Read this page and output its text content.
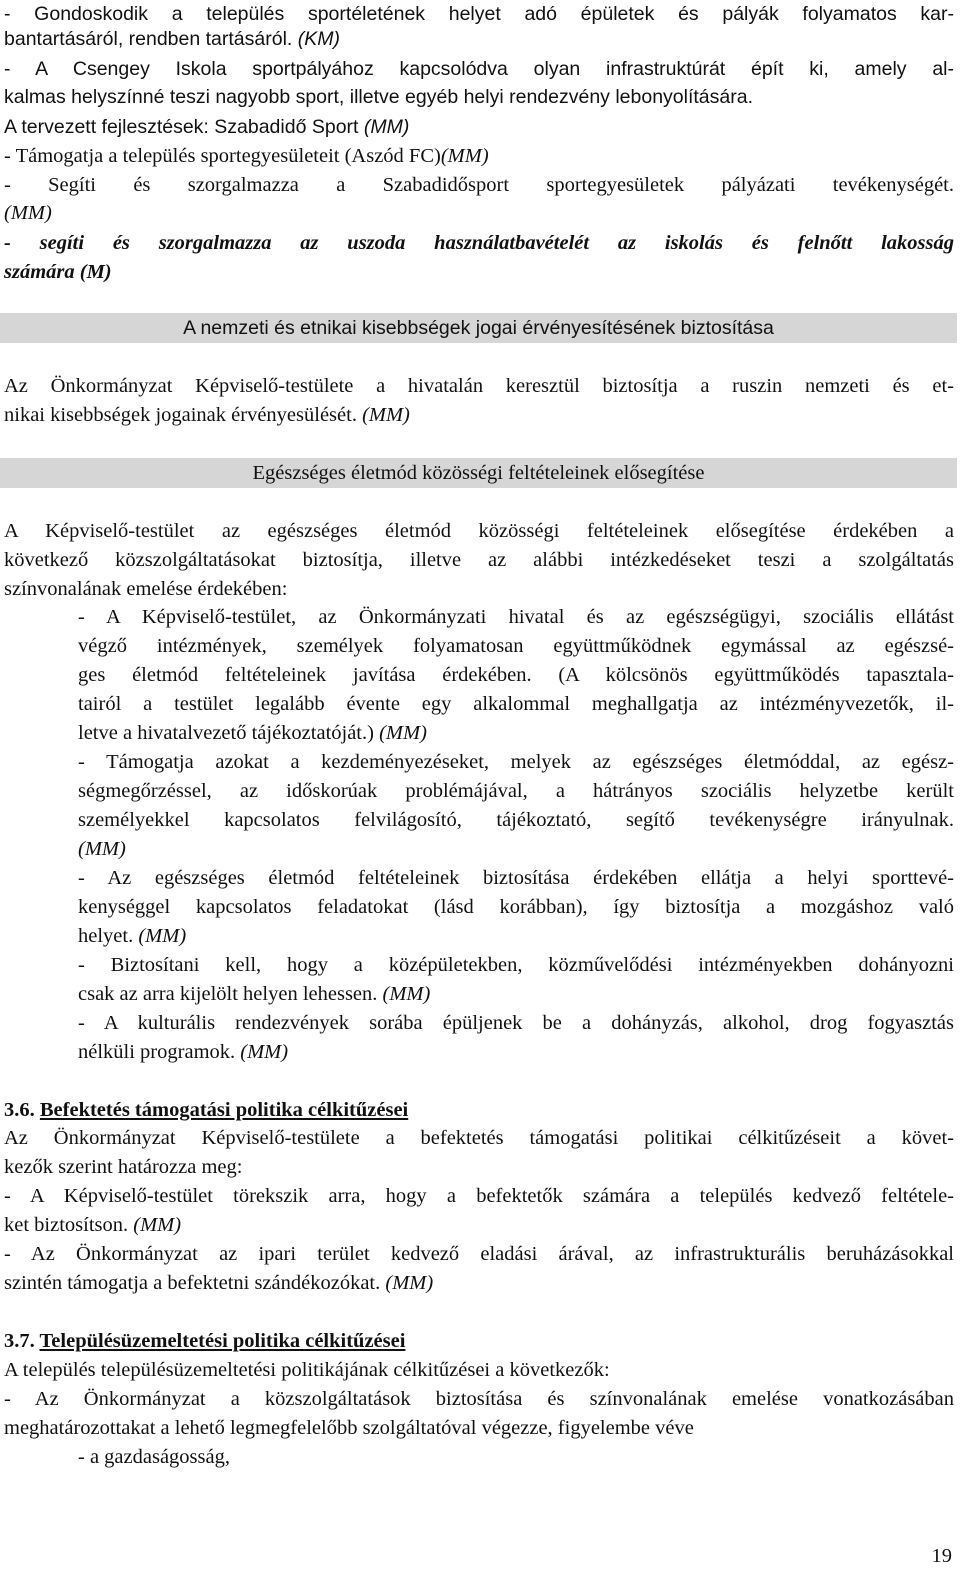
- Gondoskodik a település sportéletének helyet adó épületek és pályák folyamatos kar-
bantartásáról, rendben tartásáról. (KM)
- A Csengey Iskola sportpályához kapcsolódva olyan infrastruktúrát épít ki, amely al-
kalmas helyszínné teszi nagyobb sport, illetve egyéb helyi rendezvény lebonyolítására.
A tervezett fejlesztések: Szabadidő Sport (MM)
- Támogatja a település sportegyesületeit (Aszód FC)(MM)
- Segíti és szorgalmazza a Szabadidősport sportegyesületek pályázati tevékenységét.
(MM)
- segíti és szorgalmazza az uszoda használatbavételét az iskolás és felnőtt lakosság
számára (M)
A nemzeti és etnikai kisebbségek jogai érvényesítésének biztosítása
Az Önkormányzat Képviselő-testülete a hivatalán keresztül biztosítja a ruszin nemzeti és et-
nikai kisebbségek jogainak érvényesülését. (MM)
Egészséges életmód közösségi feltételeinek elősegítése
A Képviselő-testület az egészséges életmód közösségi feltételeinek elősegítése érdekében a
következő közszolgáltatásokat biztosítja, illetve az alábbi intézkedéseket teszi a szolgáltatás
színvonalának emelése érdekében:
- A Képviselő-testület, az Önkormányzati hivatal és az egészségügyi, szociális ellátást
végző intézmények, személyek folyamatosan együttműködnek egymással az egészsé-
ges életmód feltételeinek javítása érdekében. (A kölcsönös együttműködés tapasztala-
tairól a testület legalább évente egy alkalommal meghallgatja az intézményvezetők, il-
letve a hivatalvezető tájékoztatóját.) (MM)
- Támogatja azokat a kezdeményezéseket, melyek az egészséges életmóddal, az egész-
ségmegőrzéssel, az időskorúak problémájával, a hátrányos szociális helyzetbe került
személyekkel kapcsolatos felvilágosító, tájékoztató, segítő tevékenységre irányulnak.
(MM)
- Az egészséges életmód feltételeinek biztosítása érdekében ellátja a helyi sporttevé-
kenységgel kapcsolatos feladatokat (lásd korábban), így biztosítja a mozgáshoz való
helyet. (MM)
- Biztosítani kell, hogy a középületekben, közművelődési intézményekben dohányozni
csak az arra kijelölt helyen lehessen. (MM)
- A kulturális rendezvények sorába épüljenek be a dohányzás, alkohol, drog fogyasztás
nélküli programok. (MM)
3.6. Befektetés támogatási politika célkitűzései
Az Önkormányzat Képviselő-testülete a befektetés támogatási politikai célkitűzéseit a követ-
kezők szerint határozza meg:
- A Képviselő-testület törekszik arra, hogy a befektetők számára a település kedvező feltétele-
ket biztosítson. (MM)
- Az Önkormányzat az ipari terület kedvező eladási árával, az infrastrukturális beruházásokkal
szintén támogatja a befektetni szándékozókat. (MM)
3.7. Településüzemeltetési politika célkitűzései
A település településüzemeltetési politikájának célkitűzései a következők:
- Az Önkormányzat a közszolgáltatások biztosítása és színvonalának emelése vonatkozásában
meghatározottakat a lehető legmegfelelőbb szolgáltatóval végezze, figyelembe véve
- a gazdaságosság,
19
